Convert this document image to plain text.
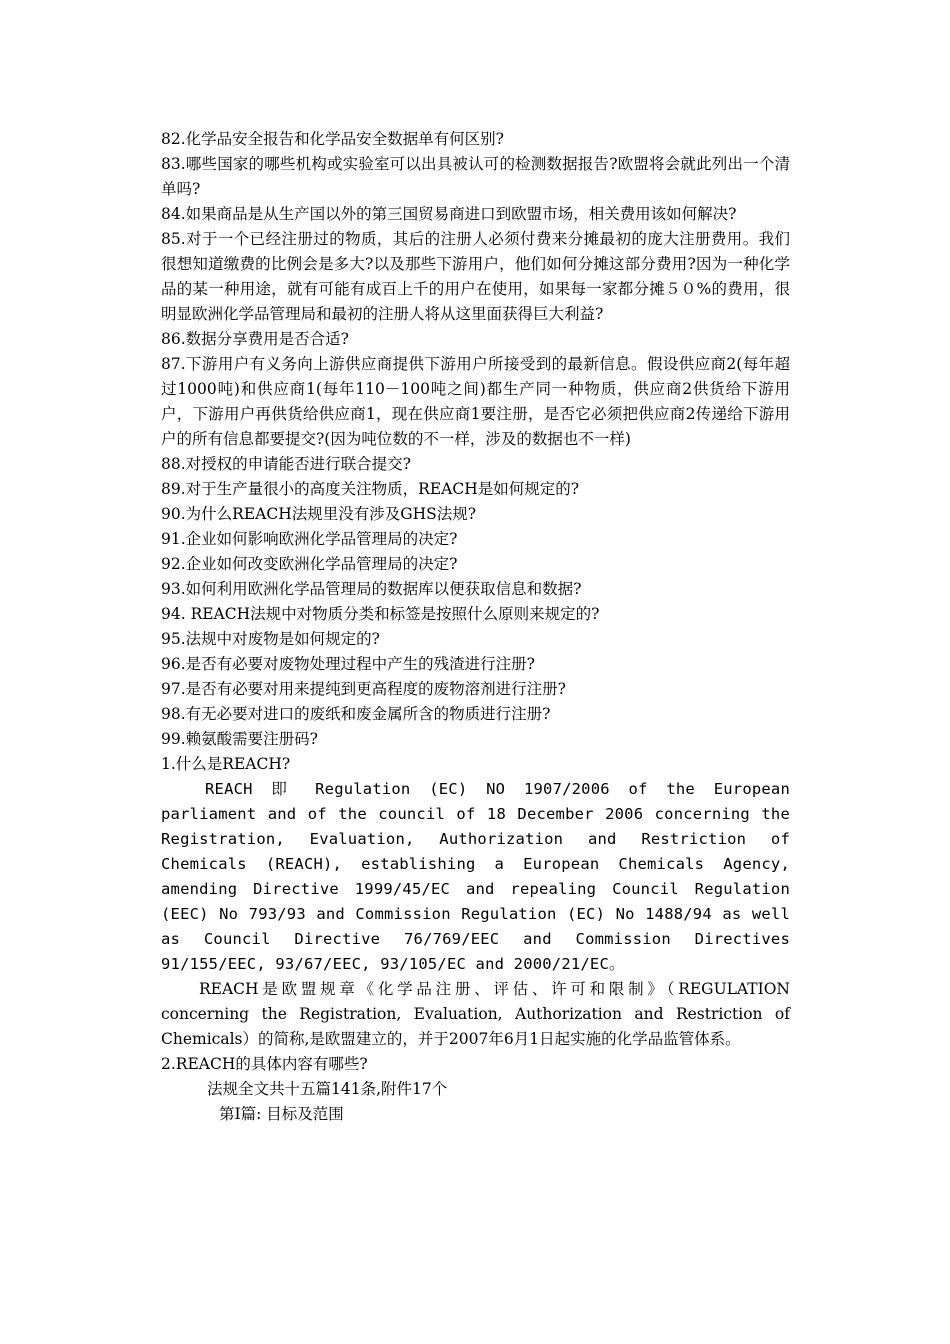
82.化学品安全报告和化学品安全数据单有何区别?

83.哪些国家的哪些机构或实验室可以出具被认可的检测数据报告?欧盟将会就此列出一个清单吗?

84.如果商品是从生产国以外的第三国贸易商进口到欧盟市场，相关费用该如何解决?

85.对于一个已经注册过的物质，其后的注册人必须付费来分摊最初的庞大注册费用。我们很想知道缴费的比例会是多大?以及那些下游用户，他们如何分摊这部分费用?因为一种化学品的某一种用途，就有可能有成百上千的用户在使用，如果每一家都分摊５０%的费用，很明显欧洲化学品管理局和最初的注册人将从这里面获得巨大利益?

86.数据分享费用是否合适?

87.下游用户有义务向上游供应商提供下游用户所接受到的最新信息。假设供应商2(每年超过1000吨)和供应商1(每年110－100吨之间)都生产同一种物质，供应商2供货给下游用户，下游用户再供货给供应商1，现在供应商1要注册，是否它必须把供应商2传递给下游用户的所有信息都要提交?(因为吨位数的不一样，涉及的数据也不一样)

88.对授权的申请能否进行联合提交?

89.对于生产量很小的高度关注物质，REACH是如何规定的?

90.为什么REACH法规里没有涉及GHS法规?

91.企业如何影响欧洲化学品管理局的决定?

92.企业如何改变欧洲化学品管理局的决定?

93.如何利用欧洲化学品管理局的数据库以便获取信息和数据?

94. REACH法规中对物质分类和标签是按照什么原则来规定的?

95.法规中对废物是如何规定的?

96.是否有必要对废物处理过程中产生的残渣进行注册?

97.是否有必要对用来提纯到更高程度的废物溶剂进行注册?

98.有无必要对进口的废纸和废金属所含的物质进行注册?

99.赖氨酸需要注册码?

1.什么是REACH?

REACH 即 Regulation (EC) NO 1907/2006 of the European parliament and of the council of 18 December 2006 concerning the Registration, Evaluation, Authorization and Restriction of Chemicals (REACH), establishing a European Chemicals Agency, amending Directive 1999/45/EC and repealing Council Regulation (EEC) No 793/93 and Commission Regulation (EC) No 1488/94 as well as Council Directive 76/769/EEC and Commission Directives 91/155/EEC, 93/67/EEC, 93/105/EC and 2000/21/EC。

REACH是欧盟规章《化学品注册、评估、许可和限制》（REGULATION concerning the Registration, Evaluation, Authorization and Restriction of Chemicals）的简称,是欧盟建立的，并于2007年6月1日起实施的化学品监管体系。

2.REACH的具体内容有哪些?

法规全文共十五篇141条,附件17个

第Ⅰ篇: 目标及范围
